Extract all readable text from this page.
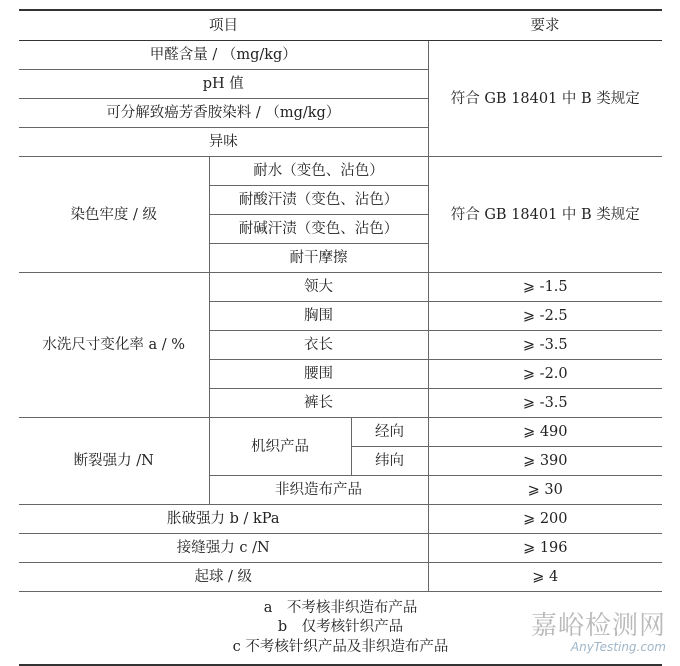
项目			要求
甲醛含量 / （mg/kg）			符合 GB 18401 中 B 类规定
pH 值			
可分解致癌芳香胺染料 / （mg/kg）			
异味			
染色牢度 / 级	耐水（变色、沾色）		符合 GB 18401 中 B 类规定
	耐酸汗渍（变色、沾色）		
	耐碱汗渍（变色、沾色）		
	耐干摩擦		
水洗尺寸变化率 a / %	领大		⩾ -1.5
	胸围		⩾ -2.5
	衣长		⩾ -3.5
	腰围		⩾ -2.0
	裤长		⩾ -3.5
断裂强力 /N	机织产品	经向	⩾ 490
		纬向	⩾ 390
	非织造布产品		⩾ 30
胀破强力 b / kPa			⩾ 200
接缝强力 c /N			⩾ 196
起球 / 级			⩾ 4

a　不考核非织造布产品
b　仅考核针织产品
c 不考核针织产品及非织造布产品			
嘉峪检测网
AnyTesting.com
